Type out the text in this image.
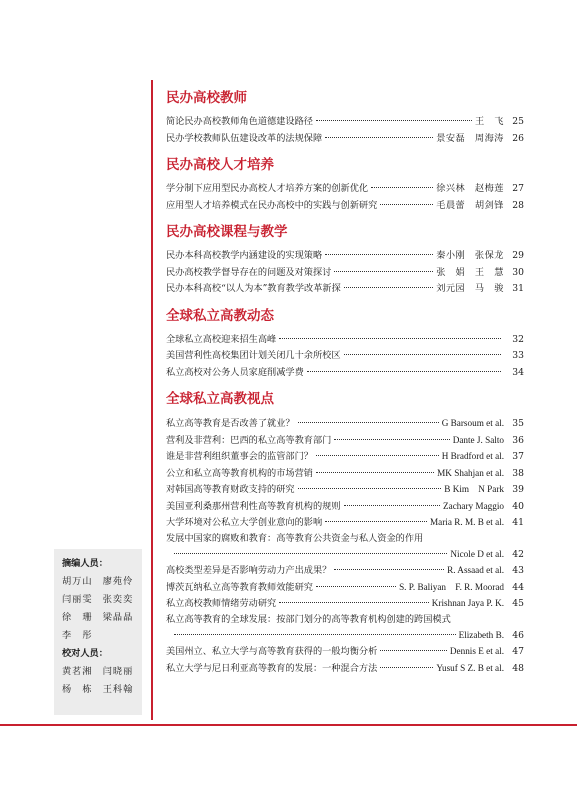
民办高校教师
简论民办高校教师角色道德建设路径	王　飞 25
民办学校教师队伍建设改革的法规保障	景安磊　周海涛 26
民办高校人才培养
学分制下应用型民办高校人才培养方案的创新优化	徐兴林　赵梅莲 27
应用型人才培养模式在民办高校中的实践与创新研究	毛晨蕾　胡剑锋 28
民办高校课程与教学
民办本科高校教学内涵建设的实现策略	秦小刚　张保龙 29
民办高校教学督导存在的问题及对策探讨	张　娟　王　慧 30
民办本科高校“以人为本”教育教学改革新探	刘元园　马　骏 31
全球私立高教动态
全球私立高校迎来招生高峰	32
美国营利性高校集团计划关闭几十余所校区	33
私立高校对公务人员家庭削减学费	34
全球私立高教视点
私立高等教育是否改善了就业？	G Barsoum et al. 35
营利及非营利：巴西的私立高等教育部门	Dante J. Salto 36
谁是非营利组织董事会的监管部门？	H Bradford et al. 37
公立和私立高等教育机构的市场营销	MK Shahjan et al. 38
对韩国高等教育财政支持的研究	B Kim　N Park 39
美国亚利桑那州营利性高等教育机构的规则	Zachary Maggio 40
大学环境对公私立大学创业意向的影响	Maria R. M. B et al. 41
发展中国家的腐败和教育：高等教育公共资金与私人资金的作用
Nicole D et al. 42
高校类型差异是否影响劳动力产出成果？	R. Assaad et al. 43
博茨瓦纳私立高等教育教师效能研究	S. P. Baliyan　F. R. Moorad 44
私立高校教师情绪劳动研究	Krishnan Jaya P. K. 45
私立高等教育的全球发展：按部门划分的高等教育机构创建的跨国模式
Elizabeth B. 46
美国州立、私立大学与高等教育获得的一般均衡分析	Dennis E et al. 47
私立大学与尼日利亚高等教育的发展：一种混合方法	Yusuf S Z. B et al. 48
摘编人员：
胡万山　廖苑伶
闫丽雯　张奕奕
徐　珊　梁晶晶
李　彤
校对人员：
黄茗湘　闫晓丽
杨　栋　王科翰
